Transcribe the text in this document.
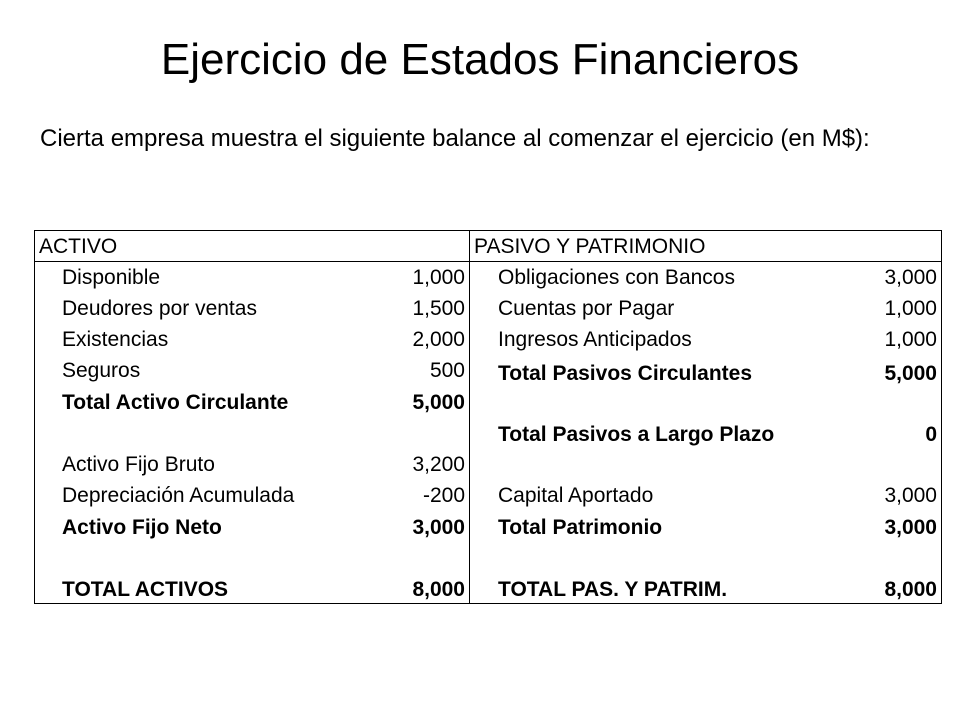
Ejercicio de Estados Financieros
Cierta empresa muestra el siguiente balance al comenzar el ejercicio (en M$):
ACTIVO
Disponible	1,000
Deudores por ventas	1,500
Existencias	2,000
Seguros	500
Total Activo Circulante	5,000
Activo Fijo Bruto	3,200
Depreciación Acumulada	-200
Activo Fijo Neto	3,000
TOTAL ACTIVOS	8,000
PASIVO Y PATRIMONIO
Obligaciones con Bancos	3,000
Cuentas por Pagar	1,000
Ingresos Anticipados	1,000
Total Pasivos Circulantes	5,000
Total Pasivos a Largo Plazo	0
Capital Aportado	3,000
Total Patrimonio	3,000
TOTAL PAS. Y PATRIM.	8,000
